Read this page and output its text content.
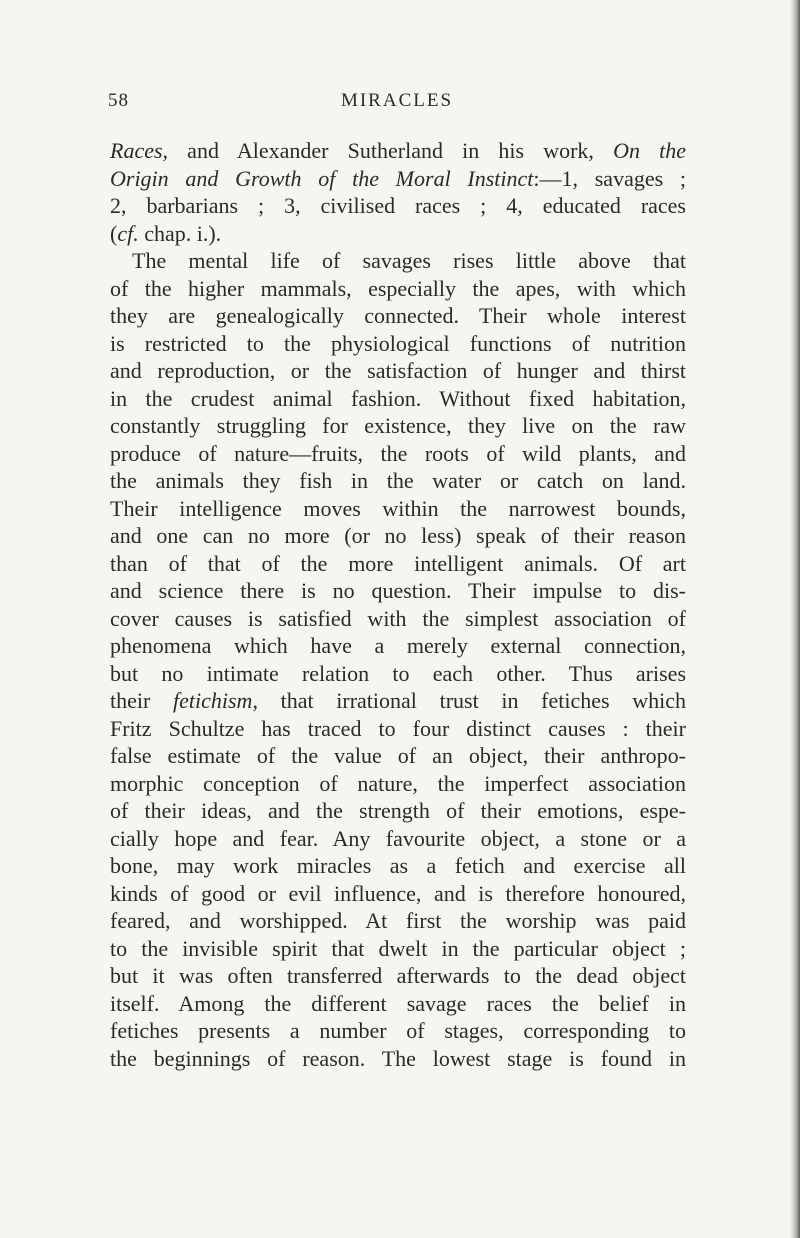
58	MIRACLES
Races, and Alexander Sutherland in his work, On the
Origin and Growth of the Moral Instinct:—1, savages ;
2, barbarians ; 3, civilised races ; 4, educated races
(cf. chap. i.).
The mental life of savages rises little above that
of the higher mammals, especially the apes, with which
they are genealogically connected. Their whole interest
is restricted to the physiological functions of nutrition
and reproduction, or the satisfaction of hunger and thirst
in the crudest animal fashion. Without fixed habitation,
constantly struggling for existence, they live on the raw
produce of nature—fruits, the roots of wild plants, and
the animals they fish in the water or catch on land.
Their intelligence moves within the narrowest bounds,
and one can no more (or no less) speak of their reason
than of that of the more intelligent animals. Of art
and science there is no question. Their impulse to dis-
cover causes is satisfied with the simplest association of
phenomena which have a merely external connection,
but no intimate relation to each other. Thus arises
their fetichism, that irrational trust in fetiches which
Fritz Schultze has traced to four distinct causes : their
false estimate of the value of an object, their anthropo-
morphic conception of nature, the imperfect association
of their ideas, and the strength of their emotions, espe-
cially hope and fear. Any favourite object, a stone or a
bone, may work miracles as a fetich and exercise all
kinds of good or evil influence, and is therefore honoured,
feared, and worshipped. At first the worship was paid
to the invisible spirit that dwelt in the particular object ;
but it was often transferred afterwards to the dead object
itself. Among the different savage races the belief in
fetiches presents a number of stages, corresponding to
the beginnings of reason. The lowest stage is found in
